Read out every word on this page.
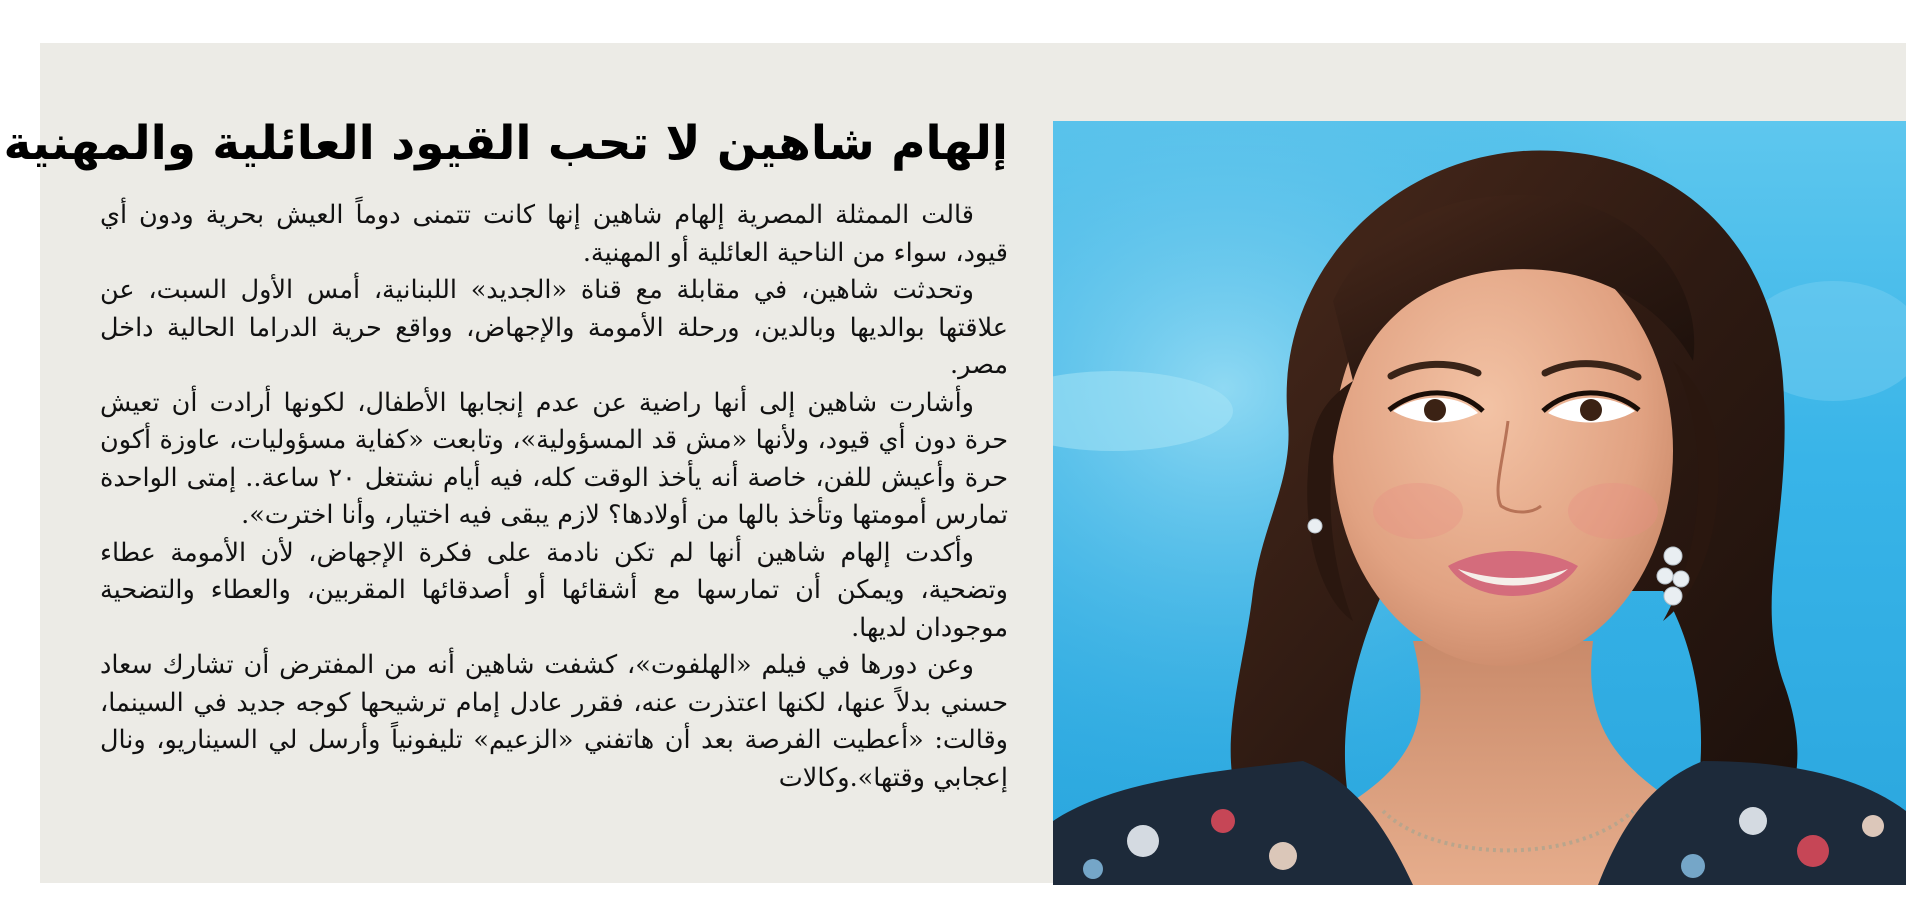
إلهام شاهين لا تحب القيود العائلية والمهنية

قالت الممثلة المصرية إلهام شاهين إنها كانت تتمنى دوماً العيش بحرية ودون أي قيود، سواء من الناحية العائلية أو المهنية.

وتحدثت شاهين، في مقابلة مع قناة «الجديد» اللبنانية، أمس الأول السبت، عن علاقتها بوالديها وبالدين، ورحلة الأمومة والإجهاض، وواقع حرية الدراما الحالية داخل مصر.

وأشارت شاهين إلى أنها راضية عن عدم إنجابها الأطفال، لكونها أرادت أن تعيش حرة دون أي قيود، ولأنها «مش قد المسؤولية»، وتابعت «كفاية مسؤوليات، عاوزة أكون حرة وأعيش للفن، خاصة أنه يأخذ الوقت كله، فيه أيام نشتغل ٢٠ ساعة.. إمتى الواحدة تمارس أمومتها وتأخذ بالها من أولادها؟ لازم يبقى فيه اختيار، وأنا اخترت».

وأكدت إلهام شاهين أنها لم تكن نادمة على فكرة الإجهاض، لأن الأمومة عطاء وتضحية، ويمكن أن تمارسها مع أشقائها أو أصدقائها المقربين، والعطاء والتضحية موجودان لديها.

وعن دورها في فيلم «الهلفوت»، كشفت شاهين أنه من المفترض أن تشارك سعاد حسني بدلاً عنها، لكنها اعتذرت عنه، فقرر عادل إمام ترشيحها كوجه جديد في السينما، وقالت: «أعطيت الفرصة بعد أن هاتفني «الزعيم» تليفونياً وأرسل لي السيناريو، ونال إعجابي وقتها».وكالات
